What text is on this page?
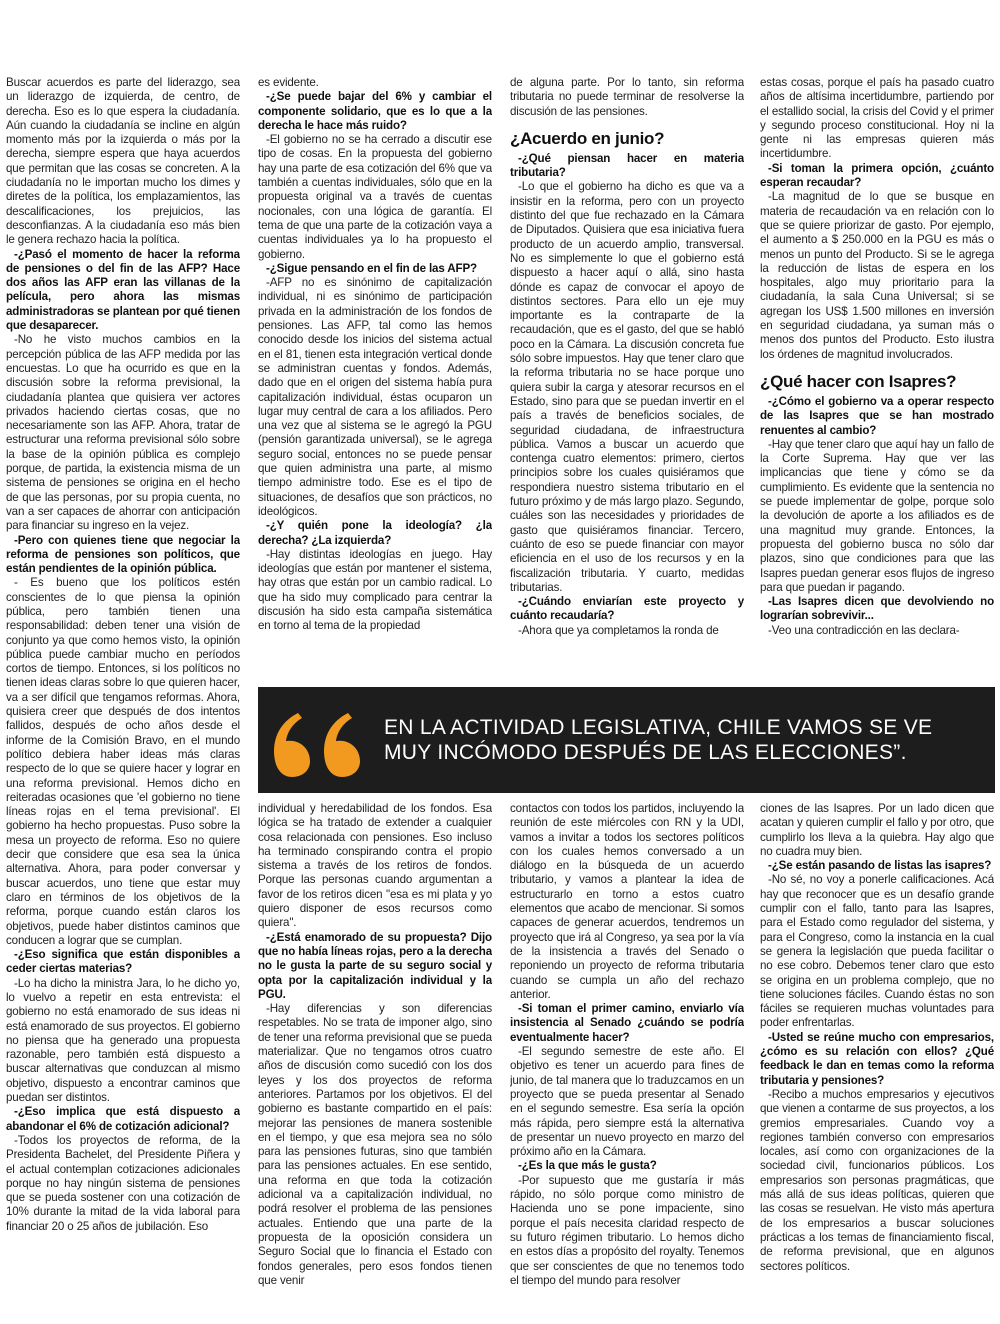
Buscar acuerdos es parte del liderazgo, sea un liderazgo de izquierda, de centro, de derecha. Eso es lo que espera la ciudadanía. Aún cuando la ciudadanía se incline en algún momento más por la izquierda o más por la derecha, siempre espera que haya acuerdos que permitan que las cosas se concreten. A la ciudadanía no le importan mucho los dimes y diretes de la política, los emplazamientos, las descalificaciones, los prejuicios, las desconfianzas. A la ciudadanía eso más bien le genera rechazo hacia la política.

-¿Pasó el momento de hacer la reforma de pensiones o del fin de las AFP? Hace dos años las AFP eran las villanas de la película, pero ahora las mismas administradoras se plantean por qué tienen que desaparecer.

-No he visto muchos cambios en la percepción pública de las AFP medida por las encuestas. Lo que ha ocurrido es que en la discusión sobre la reforma previsional, la ciudadanía plantea que quisiera ver actores privados haciendo ciertas cosas, que no necesariamente son las AFP. Ahora, tratar de estructurar una reforma previsional sólo sobre la base de la opinión pública es complejo porque, de partida, la existencia misma de un sistema de pensiones se origina en el hecho de que las personas, por su propia cuenta, no van a ser capaces de ahorrar con anticipación para financiar su ingreso en la vejez.

-Pero con quienes tiene que negociar la reforma de pensiones son políticos, que están pendientes de la opinión pública.

- Es bueno que los políticos estén conscientes de lo que piensa la opinión pública, pero también tienen una responsabilidad: deben tener una visión de conjunto ya que como hemos visto, la opinión pública puede cambiar mucho en períodos cortos de tiempo. Entonces, si los políticos no tienen ideas claras sobre lo que quieren hacer, va a ser difícil que tengamos reformas. Ahora, quisiera creer que después de dos intentos fallidos, después de ocho años desde el informe de la Comisión Bravo, en el mundo político debiera haber ideas más claras respecto de lo que se quiere hacer y lograr en una reforma previsional. Hemos dicho en reiteradas ocasiones que 'el gobierno no tiene líneas rojas en el tema previsional'. El gobierno ha hecho propuestas. Puso sobre la mesa un proyecto de reforma. Eso no quiere decir que considere que esa sea la única alternativa. Ahora, para poder conversar y buscar acuerdos, uno tiene que estar muy claro en términos de los objetivos de la reforma, porque cuando están claros los objetivos, puede haber distintos caminos que conducen a lograr que se cumplan.

-¿Eso significa que están disponibles a ceder ciertas materias?

-Lo ha dicho la ministra Jara, lo he dicho yo, lo vuelvo a repetir en esta entrevista: el gobierno no está enamorado de sus ideas ni está enamorado de sus proyectos. El gobierno no piensa que ha generado una propuesta razonable, pero también está dispuesto a buscar alternativas que conduzcan al mismo objetivo, dispuesto a encontrar caminos que puedan ser distintos.

-¿Eso implica que está dispuesto a abandonar el 6% de cotización adicional?

-Todos los proyectos de reforma, de la Presidenta Bachelet, del Presidente Piñera y el actual contemplan cotizaciones adicionales porque no hay ningún sistema de pensiones que se pueda sostener con una cotización de 10% durante la mitad de la vida laboral para financiar 20 o 25 años de jubilación. Eso

es evidente.

-¿Se puede bajar del 6% y cambiar el componente solidario, que es lo que a la derecha le hace más ruido?

-El gobierno no se ha cerrado a discutir ese tipo de cosas. En la propuesta del gobierno hay una parte de esa cotización del 6% que va también a cuentas individuales, sólo que en la propuesta original va a través de cuentas nocionales, con una lógica de garantía. El tema de que una parte de la cotización vaya a cuentas individuales ya lo ha propuesto el gobierno.

-¿Sigue pensando en el fin de las AFP?

-AFP no es sinónimo de capitalización individual, ni es sinónimo de participación privada en la administración de los fondos de pensiones. Las AFP, tal como las hemos conocido desde los inicios del sistema actual en el 81, tienen esta integración vertical donde se administran cuentas y fondos. Además, dado que en el origen del sistema había pura capitalización individual, éstas ocuparon un lugar muy central de cara a los afiliados. Pero una vez que al sistema se le agregó la PGU (pensión garantizada universal), se le agrega seguro social, entonces no se puede pensar que quien administra una parte, al mismo tiempo administre todo. Ese es el tipo de situaciones, de desafíos que son prácticos, no ideológicos.

-¿Y quién pone la ideología? ¿la derecha? ¿La izquierda?

-Hay distintas ideologías en juego. Hay ideologías que están por mantener el sistema, hay otras que están por un cambio radical. Lo que ha sido muy complicado para centrar la discusión ha sido esta campaña sistemática en torno al tema de la propiedad

de alguna parte. Por lo tanto, sin reforma tributaria no puede terminar de resolverse la discusión de las pensiones.

¿Acuerdo en junio?

-¿Qué piensan hacer en materia tributaria?

-Lo que el gobierno ha dicho es que va a insistir en la reforma, pero con un proyecto distinto del que fue rechazado en la Cámara de Diputados. Quisiera que esa iniciativa fuera producto de un acuerdo amplio, transversal. No es simplemente lo que el gobierno está dispuesto a hacer aquí o allá, sino hasta dónde es capaz de convocar el apoyo de distintos sectores. Para ello un eje muy importante es la contraparte de la recaudación, que es el gasto, del que se habló poco en la Cámara. La discusión concreta fue sólo sobre impuestos. Hay que tener claro que la reforma tributaria no se hace porque uno quiera subir la carga y atesorar recursos en el Estado, sino para que se puedan invertir en el país a través de beneficios sociales, de seguridad ciudadana, de infraestructura pública. Vamos a buscar un acuerdo que contenga cuatro elementos: primero, ciertos principios sobre los cuales quisiéramos que respondiera nuestro sistema tributario en el futuro próximo y de más largo plazo. Segundo, cuáles son las necesidades y prioridades de gasto que quisiéramos financiar. Tercero, cuánto de eso se puede financiar con mayor eficiencia en el uso de los recursos y en la fiscalización tributaria. Y cuarto, medidas tributarias.

-¿Cuándo enviarían este proyecto y cuánto recaudaría?

-Ahora que ya completamos la ronda de

estas cosas, porque el país ha pasado cuatro años de altísima incertidumbre, partiendo por el estallido social, la crisis del Covid y el primer y segundo proceso constitucional. Hoy ni la gente ni las empresas quieren más incertidumbre.

-Si toman la primera opción, ¿cuánto esperan recaudar?

-La magnitud de lo que se busque en materia de recaudación va en relación con lo que se quiere priorizar de gasto. Por ejemplo, el aumento a $ 250.000 en la PGU es más o menos un punto del Producto. Si se le agrega la reducción de listas de espera en los hospitales, algo muy prioritario para la ciudadanía, la sala Cuna Universal; si se agregan los US$ 1.500 millones en inversión en seguridad ciudadana, ya suman más o menos dos puntos del Producto. Esto ilustra los órdenes de magnitud involucrados.

¿Qué hacer con Isapres?

-¿Cómo el gobierno va a operar respecto de las Isapres que se han mostrado renuentes al cambio?

-Hay que tener claro que aquí hay un fallo de la Corte Suprema. Hay que ver las implicancias que tiene y cómo se da cumplimiento. Es evidente que la sentencia no se puede implementar de golpe, porque solo la devolución de aporte a los afiliados es de una magnitud muy grande. Entonces, la propuesta del gobierno busca no sólo dar plazos, sino que condiciones para que las Isapres puedan generar esos flujos de ingreso para que puedan ir pagando.

-Las Isapres dicen que devolviendo no lograrían sobrevivir...

-Veo una contradicción en las declara-

EN LA ACTIVIDAD LEGISLATIVA, CHILE VAMOS SE VE MUY INCÓMODO DESPUÉS DE LAS ELECCIONES”.

individual y heredabilidad de los fondos. Esa lógica se ha tratado de extender a cualquier cosa relacionada con pensiones. Eso incluso ha terminado conspirando contra el propio sistema a través de los retiros de fondos. Porque las personas cuando argumentan a favor de los retiros dicen "esa es mi plata y yo quiero disponer de esos recursos como quiera".

-¿Está enamorado de su propuesta? Dijo que no había líneas rojas, pero a la derecha no le gusta la parte de su seguro social y opta por la capitalización individual y la PGU.

-Hay diferencias y son diferencias respetables. No se trata de imponer algo, sino de tener una reforma previsional que se pueda materializar. Que no tengamos otros cuatro años de discusión como sucedió con los dos leyes y los dos proyectos de reforma anteriores. Partamos por los objetivos. El del gobierno es bastante compartido en el país: mejorar las pensiones de manera sostenible en el tiempo, y que esa mejora sea no sólo para las pensiones futuras, sino que también para las pensiones actuales. En ese sentido, una reforma en que toda la cotización adicional va a capitalización individual, no podrá resolver el problema de las pensiones actuales. Entiendo que una parte de la propuesta de la oposición considera un Seguro Social que lo financia el Estado con fondos generales, pero esos fondos tienen que venir

contactos con todos los partidos, incluyendo la reunión de este miércoles con RN y la UDI, vamos a invitar a todos los sectores políticos con los cuales hemos conversado a un diálogo en la búsqueda de un acuerdo tributario, y vamos a plantear la idea de estructurarlo en torno a estos cuatro elementos que acabo de mencionar. Si somos capaces de generar acuerdos, tendremos un proyecto que irá al Congreso, ya sea por la vía de la insistencia a través del Senado o reponiendo un proyecto de reforma tributaria cuando se cumpla un año del rechazo anterior.

-Si toman el primer camino, enviarlo vía insistencia al Senado ¿cuándo se podría eventualmente hacer?

-El segundo semestre de este año. El objetivo es tener un acuerdo para fines de junio, de tal manera que lo traduzcamos en un proyecto que se pueda presentar al Senado en el segundo semestre. Esa sería la opción más rápida, pero siempre está la alternativa de presentar un nuevo proyecto en marzo del próximo año en la Cámara.

-¿Es la que más le gusta?

-Por supuesto que me gustaría ir más rápido, no sólo porque como ministro de Hacienda uno se pone impaciente, sino porque el país necesita claridad respecto de su futuro régimen tributario. Lo hemos dicho en estos días a propósito del royalty. Tenemos que ser conscientes de que no tenemos todo el tiempo del mundo para resolver

ciones de las Isapres. Por un lado dicen que acatan y quieren cumplir el fallo y por otro, que cumplirlo los lleva a la quiebra. Hay algo que no cuadra muy bien.

-¿Se están pasando de listas las isapres?

-No sé, no voy a ponerle calificaciones. Acá hay que reconocer que es un desafío grande cumplir con el fallo, tanto para las Isapres, para el Estado como regulador del sistema, y para el Congreso, como la instancia en la cual se genera la legislación que pueda facilitar o no ese cobro. Debemos tener claro que esto se origina en un problema complejo, que no tiene soluciones fáciles. Cuando éstas no son fáciles se requieren muchas voluntades para poder enfrentarlas.

-Usted se reúne mucho con empresarios, ¿cómo es su relación con ellos? ¿Qué feedback le dan en temas como la reforma tributaria y pensiones?

-Recibo a muchos empresarios y ejecutivos que vienen a contarme de sus proyectos, a los gremios empresariales. Cuando voy a regiones también converso con empresarios locales, así como con organizaciones de la sociedad civil, funcionarios públicos. Los empresarios son personas pragmáticas, que más allá de sus ideas políticas, quieren que las cosas se resuelvan. He visto más apertura de los empresarios a buscar soluciones prácticas a los temas de financiamiento fiscal, de reforma previsional, que en algunos sectores políticos.
